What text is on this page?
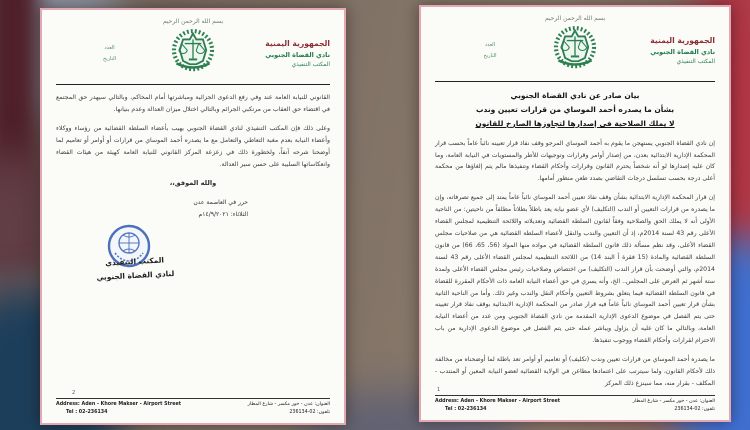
بسم الله الرحمن الرحيم
الجمهورية اليمنية
نادي القضاة الجنوبي
المكتب التنفيذي
العدد
التاريخ
بيان صادر عن نادي القضاة الجنوبي
بشأن ما يصدره أحمد الموساي من قرارات تعيين وندب
لا يملك الصلاحية في إصدارها لتجاوزها الصارخ للقانون
إن نادي القضاة الجنوبي يستهجن ما يقوم به أحمد الموساي المرجو وقف نفاذ قرار تعيينه نائباً عاماً بحسب قرار المحكمة الإدارية الابتدائية بعدن، من إصدار أوامر وقرارات وتوجيهات للأطر والمستويات في النيابة العامة، وما كان عليه إصدارها لو أنه شخصاً يحترم القانون وقرارات وأحكام القضاء وتنفيذها مالم يتم إلغاؤها من محكمة أعلى درجة بحسب تسلسل درجات التقاضي بصدد طعن منظور أمامها.
إن قرار المحكمة الإدارية الابتدائية بشأن وقف نفاذ تعيين أحمد الموساي نائباً عاماً يمتد إلى جميع تصرفاته، وإن ما يصدره من قرارات التعيين أو الندب (التكليف) لأي عضو نيابة يعد باطلاً بطلاناً مطلقاً من ناحيتين: من الناحية الأولى أنه لا يملك الحق والصلاحية وفقاً لقانون السلطة القضائية وتعديلاته واللائحة التنظيمية لمجلس القضاء الأعلى رقم 43 لسنة 2014م، إذ أن التعيين والندب والنقل لأعضاء السلطة القضائية هي من صلاحيات مجلس القضاء الأعلى، وقد نظم مسألة ذلك قانون السلطة القضائية في مواده منها المواد (56، 65، 66) من قانون السلطة القضائية والمادة (15 فقرة أ البند 14) من اللائحة التنظيمية لمجلس القضاء الأعلى رقم 43 لسنة 2014م، والتي أوضحت بأن قرار الندب (التكليف) من اختصاص وصلاحيات رئيس مجلس القضاء الأعلى ولمدة ستة أشهر ثم العرض على المجلس.. الخ، وأنه يسري في حق أعضاء النيابة العامة ذات الأحكام المقررة للقضاة في قانون السلطة القضائية فيما يتعلق بشروط التعيين وأحكام النقل والندب وغير ذلك. وأما من الناحية الثانية بشأن قرار تعيين أحمد الموساي نائباً عاماً فيه قرار صادر من المحكمة الإدارية الابتدائية بوقف نفاذ قرار تعيينه حتى يتم الفصل في موضوع الدعوى الإدارية المقدمة من نادي القضاة الجنوبي ومن عدد من أعضاء النيابة العامة، وبالتالي ما كان عليه أن يزاول ويباشر عمله حتى يتم الفصل في موضوع الدعوى الإدارية من باب الاحترام لقرارات وأحكام القضاء ووجوب تنفيذها.
ما يصدره أحمد الموساي من قرارات تعيين وندب (تكليف) أو تعاميم أو أوامر تعد باطلة لما أوضحناه من مخالفة ذلك لأحكام القانون، ولما سيترتب على اعتمادها مطاعن في الولاية القضائية لعضو النيابة المعين أو المنتدب - المكلف - بقرار منه، مما سينزع ذلك المركز
1
Address: Aden - Khore Makser - Airport Street
Tel : 02-236134
العنوان: عدن - خور مكسر - شارع المطار
تلفون: 02-236134
بسم الله الرحمن الرحيم
الجمهورية اليمنية
نادي القضاة الجنوبي
المكتب التنفيذي
العدد
التاريخ
القانوني للنيابة العامة عند وفي رفع الدعوى الجزائية ومباشرتها أمام المحاكم، وبالتالي سيهدر حق المجتمع في اقتضاء حق العقاب من مرتكبي الجرائم وبالتالي اختلال ميزان العدالة وعدم بنيانها.
وعلى ذلك فإن المكتب التنفيذي لنادي القضاة الجنوبي يهيب بأعضاء السلطة القضائية من رؤساء ووكلاء وأعضاء النيابة بعدم مغبة التعاطي والتعامل مع ما يصدره أحمد الموساي من قرارات أو أوامر أو تعاميم لما أوضحنا شرحه آنفاً، ولخطورة ذلك في زعزعة المركز القانوني للنيابة العامة كهيئة من هيئات القضاء وانعكاساتها السلبية على حسن سير العدالة.
والله الموفق،،
حرر في العاصمة عدن
الثلاثاء: ١٤/٩/٢٠٢١م
المكتب التنفيذي
لنادي القضاة الجنوبي
2
Address: Aden - Khore Makser - Airport Street
Tel : 02-236134
العنوان: عدن - خور مكسر - شارع المطار
تلفون: 02-236134
